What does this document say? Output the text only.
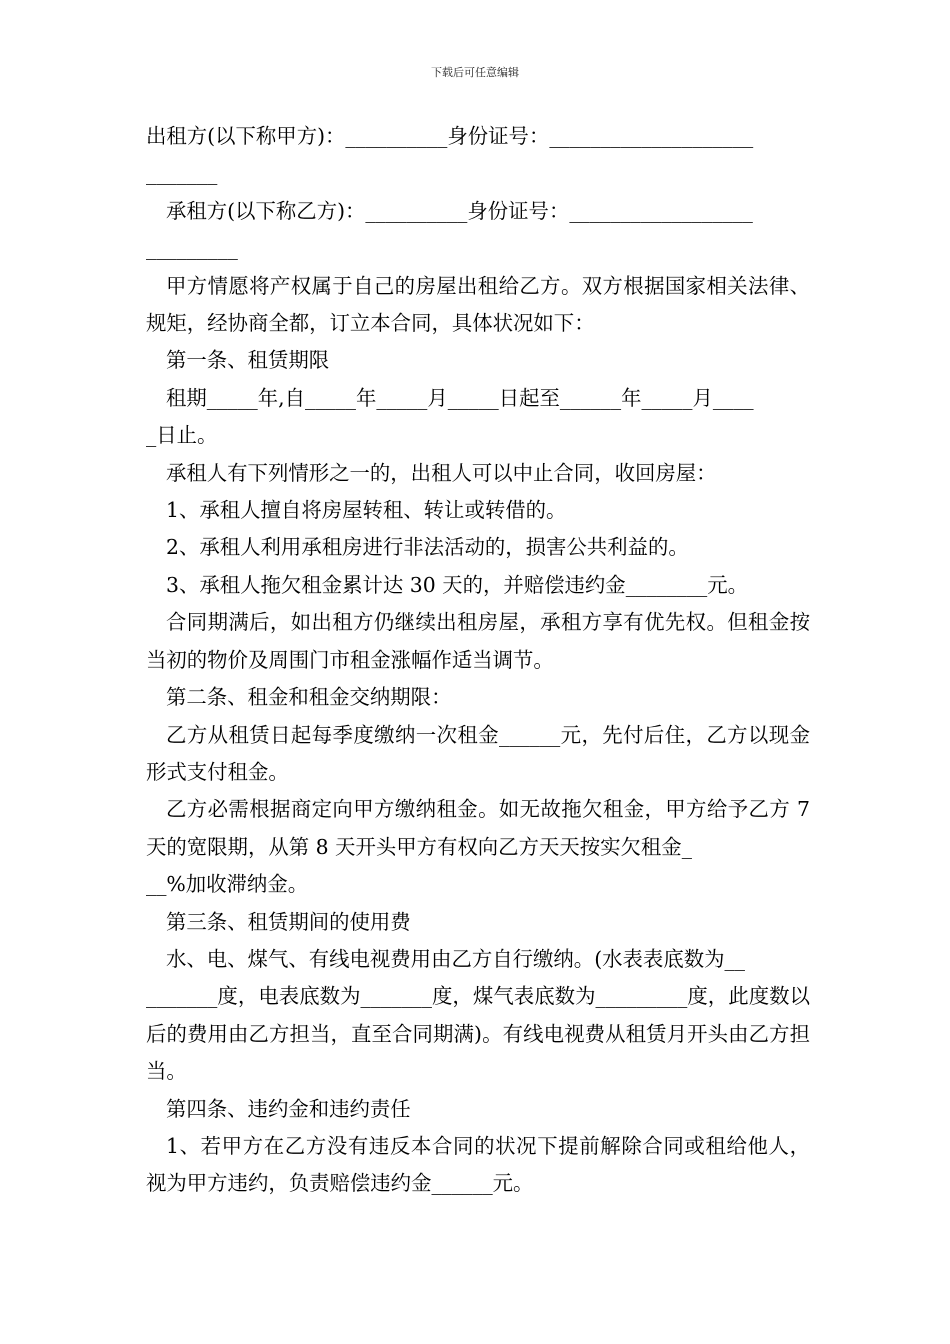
下载后可任意编辑

出租方(以下称甲方)：__________身份证号：____________________
_______

承租方(以下称乙方)：__________身份证号：__________________
_________

甲方情愿将产权属于自己的房屋出租给乙方。双方根据国家相关法律、规矩，经协商全都，订立本合同，具体状况如下：

第一条、租赁期限

租期_____年,自_____年_____月_____日起至______年_____月____
_日止。

承租人有下列情形之一的，出租人可以中止合同，收回房屋：

1、承租人擅自将房屋转租、转让或转借的。

2、承租人利用承租房进行非法活动的，损害公共利益的。

3、承租人拖欠租金累计达 30 天的，并赔偿违约金________元。

合同期满后，如出租方仍继续出租房屋，承租方享有优先权。但租金按当初的物价及周围门市租金涨幅作适当调节。

第二条、租金和租金交纳期限：

乙方从租赁日起每季度缴纳一次租金______元，先付后住，乙方以现金形式支付租金。

乙方必需根据商定向甲方缴纳租金。如无故拖欠租金，甲方给予乙方 7 天的宽限期，从第 8 天开头甲方有权向乙方天天按实欠租金_
__%加收滞纳金。

第三条、租赁期间的使用费

水、电、煤气、有线电视费用由乙方自行缴纳。(水表表底数为__
_______度，电表底数为_______度，煤气表底数为_________度，此度数以后的费用由乙方担当，直至合同期满)。有线电视费从租赁月开头由乙方担当。

第四条、违约金和违约责任

1、若甲方在乙方没有违反本合同的状况下提前解除合同或租给他人，视为甲方违约，负责赔偿违约金______元。
